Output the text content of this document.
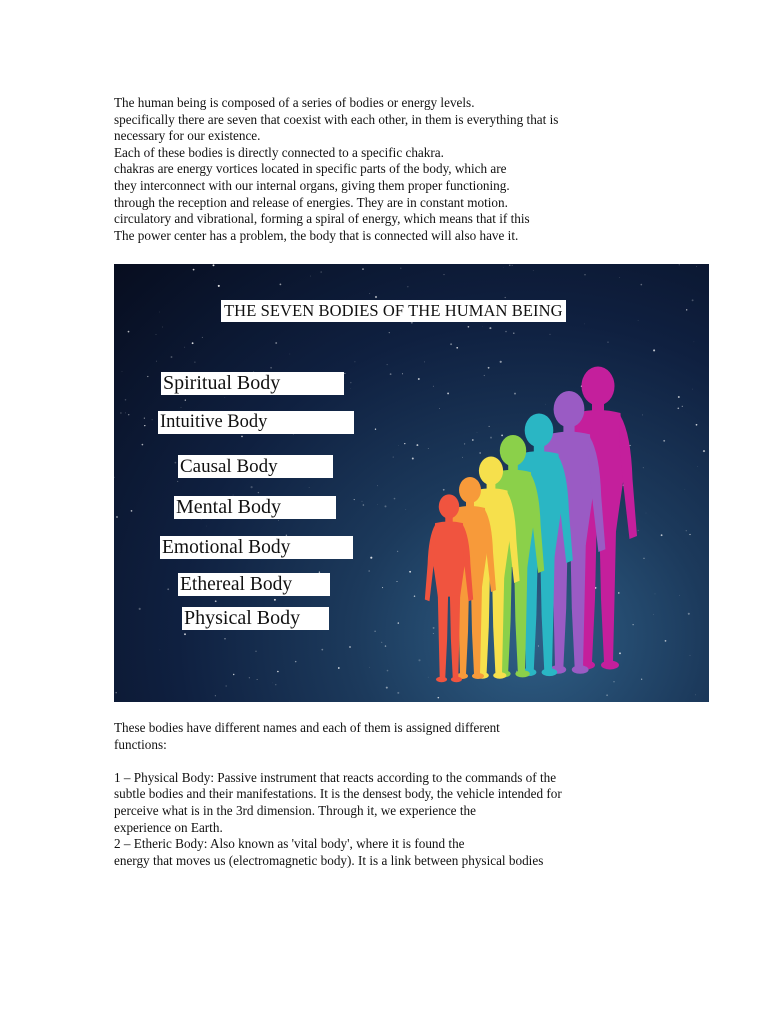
The human being is composed of a series of bodies or energy levels.
specifically there are seven that coexist with each other, in them is everything that is
necessary for our existence.
Each of these bodies is directly connected to a specific chakra.
chakras are energy vortices located in specific parts of the body, which are
they interconnect with our internal organs, giving them proper functioning.
through the reception and release of energies. They are in constant motion.
circulatory and vibrational, forming a spiral of energy, which means that if this
The power center has a problem, the body that is connected will also have it.
THE SEVEN BODIES OF THE HUMAN BEING
Spiritual Body
Intuitive Body
Causal Body
Mental Body
Emotional Body
Ethereal Body
Physical Body
These bodies have different names and each of them is assigned different
functions:

1 – Physical Body: Passive instrument that reacts according to the commands of the
subtle bodies and their manifestations. It is the densest body, the vehicle intended for
perceive what is in the 3rd dimension. Through it, we experience the
experience on Earth.
2 – Etheric Body: Also known as 'vital body', where it is found the
energy that moves us (electromagnetic body). It is a link between physical bodies
